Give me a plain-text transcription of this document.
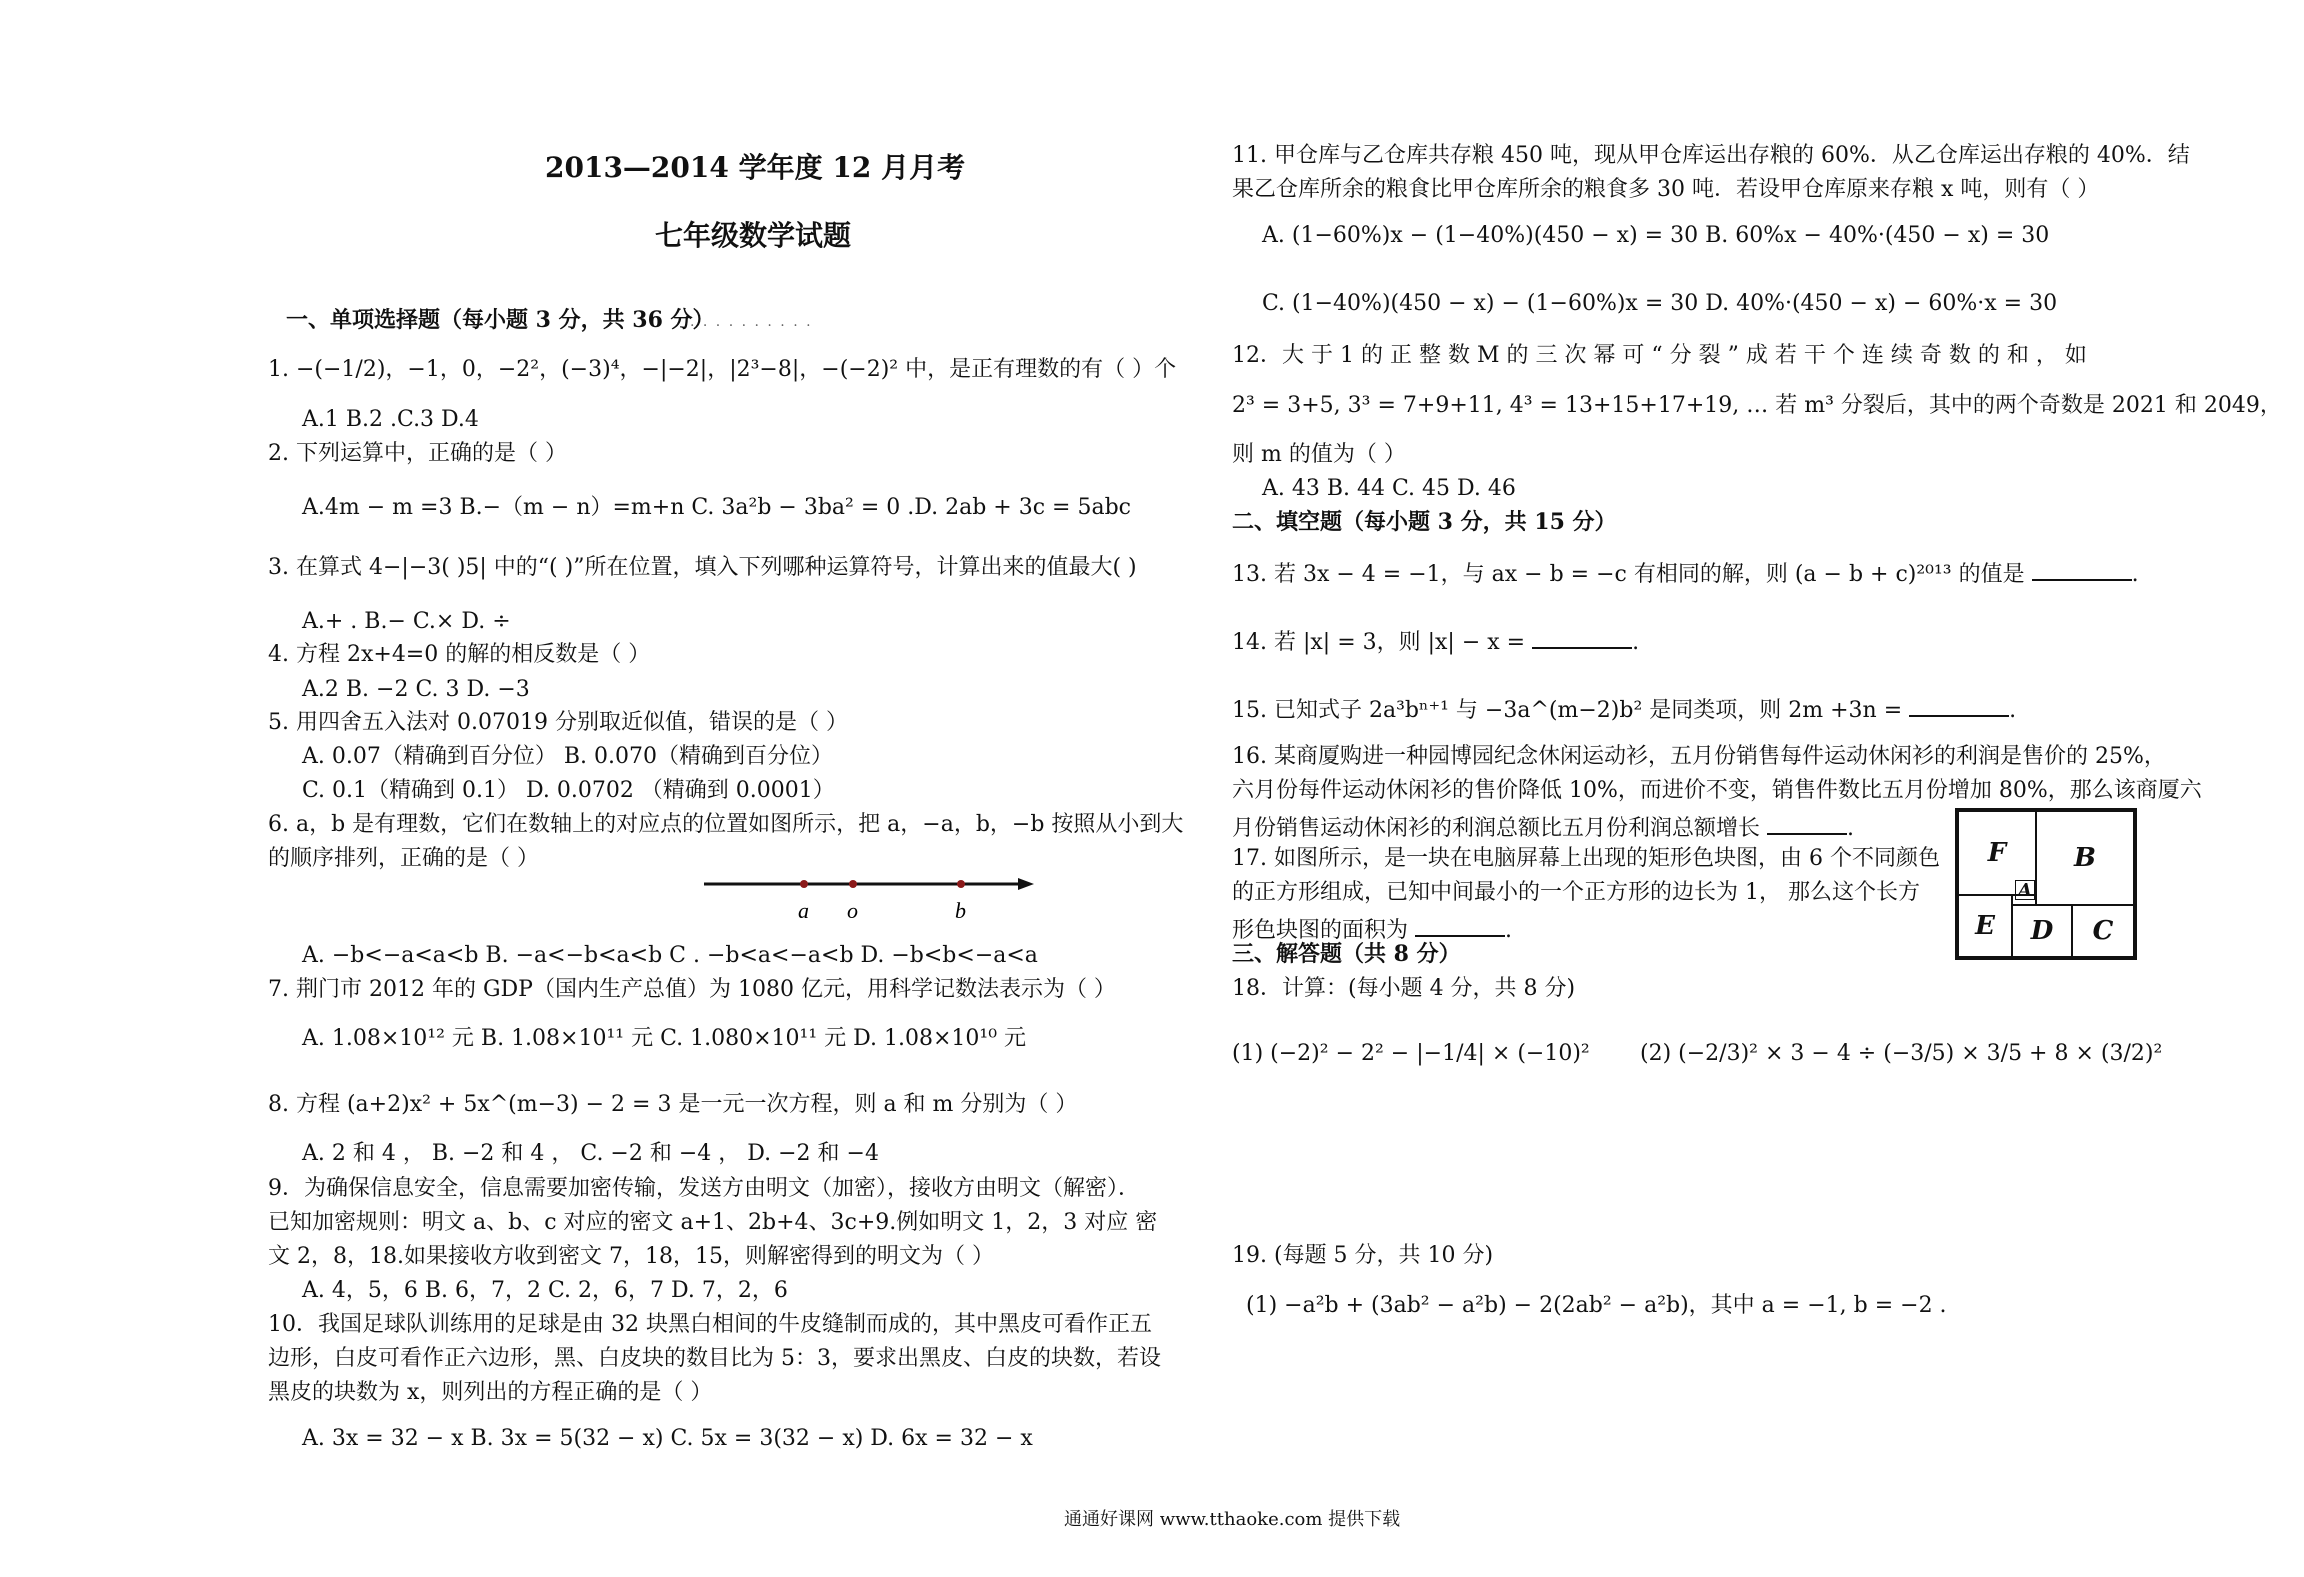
2013—2014 学年度 12 月月考
七年级数学试题
一、单项选择题（每小题 3 分，共 36 分）
. . . . . . . . . .
1. −(−1/2)，−1，0，−2²，(−3)⁴，−|−2|，|2³−8|，−(−2)² 中，是正有理数的有（ ）个
A.1 B.2 .C.3 D.4
2. 下列运算中，正确的是（ ）
A.4m − m =3 B.−（m − n）=m+n C. 3a²b − 3ba² = 0 .D. 2ab + 3c = 5abc
3. 在算式 4−|−3( )5| 中的“( )”所在位置，填入下列哪种运算符号，计算出来的值最大( )
A.+ . B.− C.× D. ÷
4. 方程 2x+4=0 的解的相反数是（ ）
A.2 B. −2 C. 3 D. −3
5. 用四舍五入法对 0.07019 分别取近似值，错误的是（ ）
A. 0.07（精确到百分位） B. 0.070（精确到百分位）
C. 0.1（精确到 0.1） D. 0.0702 （精确到 0.0001）
6. a，b 是有理数，它们在数轴上的对应点的位置如图所示，把 a，−a，b，−b 按照从小到大
的顺序排列，正确的是（ ）
a o	b
A. −b<−a<a<b B. −a<−b<a<b C . −b<a<−a<b D. −b<b<−a<a
7. 荆门市 2012 年的 GDP（国内生产总值）为 1080 亿元，用科学记数法表示为（ ）
A. 1.08×10¹² 元 B. 1.08×10¹¹ 元 C. 1.080×10¹¹ 元 D. 1.08×10¹⁰ 元
8. 方程 (a+2)x² + 5x^(m−3) − 2 = 3 是一元一次方程，则 a 和 m 分别为（ ）
A. 2 和 4 ， B. −2 和 4 ， C. −2 和 −4 ， D. −2 和 −4
9．为确保信息安全，信息需要加密传输，发送方由明文（加密），接收方由明文（解密）．
已知加密规则：明文 a、b、c 对应的密文 a+1、2b+4、3c+9.例如明文 1，2，3 对应 密
文 2，8，18.如果接收方收到密文 7，18，15，则解密得到的明文为（ ）
A. 4，5，6 B. 6，7，2 C. 2，6，7 D. 7，2，6
10．我国足球队训练用的足球是由 32 块黑白相间的牛皮缝制而成的，其中黑皮可看作正五
边形，白皮可看作正六边形，黑、白皮块的数目比为 5：3，要求出黑皮、白皮的块数，若设
黑皮的块数为 x，则列出的方程正确的是（ ）
A. 3x = 32 − x B. 3x = 5(32 − x) C. 5x = 3(32 − x) D. 6x = 32 − x
11. 甲仓库与乙仓库共存粮 450 吨，现从甲仓库运出存粮的 60%．从乙仓库运出存粮的 40%．结
果乙仓库所余的粮食比甲仓库所余的粮食多 30 吨．若设甲仓库原来存粮 x 吨，则有（ ）
A. (1−60%)x − (1−40%)(450 − x) = 30 B. 60%x − 40%·(450 − x) = 30
C. (1−40%)(450 − x) − (1−60%)x = 30 D. 40%·(450 − x) − 60%·x = 30
12．大 于 1 的 正 整 数 M 的 三 次 幂 可 “ 分 裂 ” 成 若 干 个 连 续 奇 数 的 和 ， 如
2³ = 3+5, 3³ = 7+9+11, 4³ = 13+15+17+19, … 若 m³ 分裂后，其中的两个奇数是 2021 和 2049，
则 m 的值为（ ）
A. 43 B. 44 C. 45 D. 46
二、填空题（每小题 3 分，共 15 分）
13. 若 3x − 4 = −1，与 ax − b = −c 有相同的解，则 (a − b + c)²⁰¹³ 的值是	.
14. 若 |x| = 3，则 |x| − x =	.
15. 已知式子 2a³bⁿ⁺¹ 与 −3a^(m−2)b² 是同类项，则 2m +3n =	.
16. 某商厦购进一种园博园纪念休闲运动衫，五月份销售每件运动休闲衫的利润是售价的 25%，
六月份每件运动休闲衫的售价降低 10%，而进价不变，销售件数比五月份增加 80%，那么该商厦六
月份销售运动休闲衫的利润总额比五月份利润总额增长	.
17. 如图所示，是一块在电脑屏幕上出现的矩形色块图，由 6 个不同颜色
的正方形组成，已知中间最小的一个正方形的边长为 1， 那么这个长方
形色块图的面积为	.
F	B
E	D	C
A
三、解答题（共 8 分）
18．计算：(每小题 4 分，共 8 分)
(1) (−2)² − 2² − |−1/4| × (−10)² (2) (−2/3)² × 3 − 4 ÷ (−3/5) × 3/5 + 8 × (3/2)²
19. (每题 5 分，共 10 分)
(1) −a²b + (3ab² − a²b) − 2(2ab² − a²b)，其中 a = −1, b = −2 .
通通好课网 www.tthaoke.com 提供下载
